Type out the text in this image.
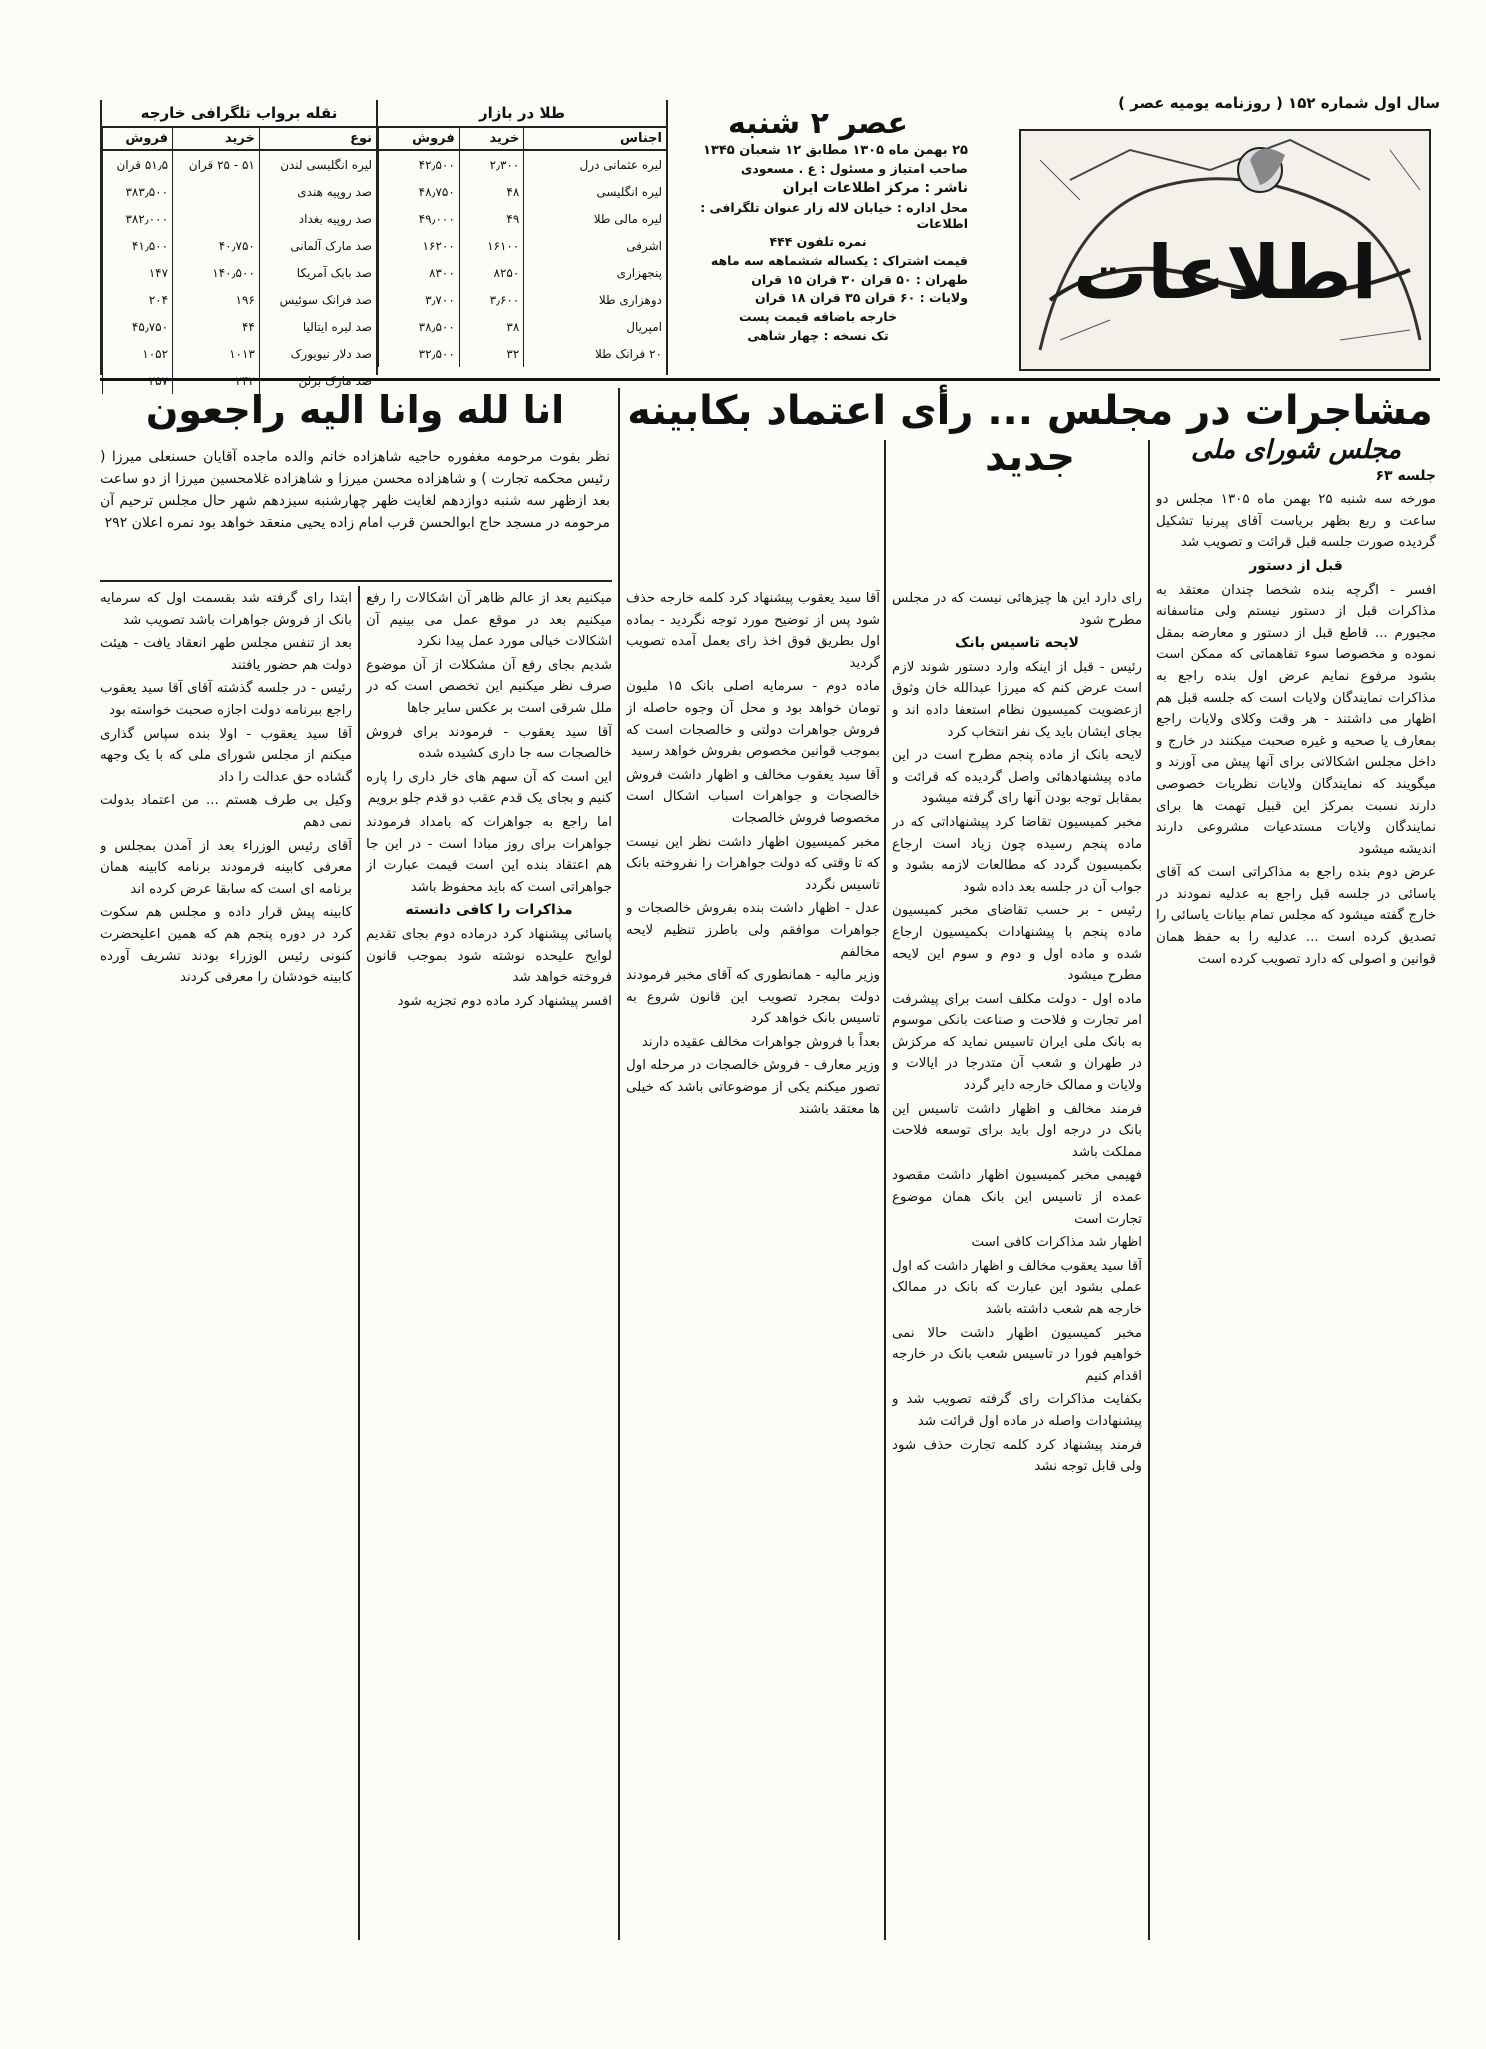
اطلاعات
سال اول شماره ۱۵۲ ( روزنامه یومیه عصر )
عصر ۲ شنبه
۲۵ بهمن ماه ۱۳۰۵ مطابق ۱۲ شعبان ۱۳۴۵
صاحب امتیاز و مسئول : ع . مسعودی
ناشر : مرکز اطلاعات ایران
محل اداره : خیابان لاله زار عنوان تلگرافی : اطلاعات
نمره تلفون ۴۴۴
قیمت اشتراک : یکساله ششماهه سه ماهه
طهران : ۵۰ قران ۳۰ قران ۱۵ قران
ولایات : ۶۰ قران ۳۵ قران ۱۸ قران
خارجه باضافه قیمت پست
تک نسخه : چهار شاهی
طلا در بازار
اجناس	خرید	فروش
لیره عثمانی درل	۲٫۳۰۰	۴۲٫۵۰۰
لیره انگلیسی	۴۸	۴۸٫۷۵۰
لیره مالی طلا	۴۹	۴۹٫۰۰۰
اشرفی	۱۶۱۰۰	۱۶۲۰۰
پنجهزاری	۸۲۵۰	۸۳۰۰
دوهزاری طلا	۳٫۶۰۰	۳٫۷۰۰
امپریال	۳۸	۳۸٫۵۰۰
۲۰ فرانک طلا	۳۲	۳۲٫۵۰۰
نقله برواب تلگرافی خارجه
نوع	خرید	فروش
لیره انگلیسی لندن	۵۱ - ۲۵ قران	۵۱٫۵ قران
صد روپیه هندی		۳۸۳٫۵۰۰
صد روپیه بغداد		۳۸۲٫۰۰۰
صد مارک آلمانی	۴۰٫۷۵۰	۴۱٫۵۰۰
صد بابک آمریکا	۱۴۰٫۵۰۰	۱۴۷
صد فرانک سوئیس	۱۹۶	۲۰۴
صد لیره ایتالیا	۴۴	۴۵٫۷۵۰
صد دلار نیویورک	۱۰۱۳	۱۰۵۲
صد مارک برلن	۲۴۲	۲۵۷
مشاجرات در مجلس ... رأی اعتماد بکابینه جدید
انا لله وانا الیه راجعون
نظر بفوت مرحومه مغفوره حاجیه شاهزاده خانم والده ماجده آقایان حسنعلی میرزا ( رئیس محکمه تجارت ) و شاهزاده محسن میرزا و شاهزاده غلامحسین میرزا از دو ساعت بعد ازظهر سه شنبه دوازدهم لغایت ظهر چهارشنبه سیزدهم شهر حال مجلس ترحیم آن مرحومه در مسجد حاج ابوالحسن قرب امام زاده یحیی منعقد خواهد بود نمره اعلان ۲۹۲
مجلس شورای ملی
جلسه ۶۳

مورخه سه شنبه ۲۵ بهمن ماه ۱۳۰۵ مجلس دو ساعت و ربع بظهر بریاست آقای پیرنیا تشکیل گردیده صورت جلسه قبل قرائت و تصویب شد

قبل از دستور

افسر - اگرچه بنده شخصا چندان معتقد به مذاکرات قبل از دستور نیستم ولی متاسفانه مجبورم ... قاطع قبل از دستور و معارضه بمقل نموده و مخصوصا سوء تفاهماتی که ممکن است بشود مرفوع نمایم عرض اول بنده راجع به مذاکرات نمایندگان ولایات است که جلسه قبل هم اظهار می داشتند - هر وقت وکلای ولایات راجع بمعارف یا صحیه و غیره صحبت میکنند در خارج و داخل مجلس اشکالاتی برای آنها پیش می آورند و میگویند که نمایندگان ولایات نظریات خصوصی دارند نسبت بمرکز این قبیل تهمت ها برای نمایندگان ولایات مستدعیات مشروعی دارند اندیشه میشود

عرض دوم بنده راجع به مذاکراتی است که آقای یاسائی در جلسه قبل راجع به عدلیه نمودند در خارج گفته میشود که مجلس تمام بیانات یاسائی را تصدیق کرده است ... عدلیه را به حفظ همان قوانین و اصولی که دارد تصویب کرده است

رای دارد این ها چیزهائی نیست که در مجلس مطرح شود

لایحه تاسیس بانک

رئیس - قبل از اینکه وارد دستور شوند لازم است عرض کنم که میرزا عبدالله خان وثوق ازعضویت کمیسیون نظام استعفا داده اند و بجای ایشان باید یک نفر انتخاب کرد

لایحه بانک از ماده پنجم مطرح است در این ماده پیشنهادهائی واصل گردیده که قرائت و بمقابل توجه بودن آنها رای گرفته میشود

مخبر کمیسیون تقاضا کرد پیشنهاداتی که در ماده پنجم رسیده چون زیاد است ارجاع بکمیسیون گردد که مطالعات لازمه بشود و جواب آن در جلسه بعد داده شود

رئیس - بر حسب تقاضای مخبر کمیسیون ماده پنجم با پیشنهادات بکمیسیون ارجاع شده و ماده اول و دوم و سوم این لایحه مطرح میشود

ماده اول - دولت مکلف است برای پیشرفت امر تجارت و فلاحت و صناعت بانکی موسوم به بانک ملی ایران تاسیس نماید که مرکزش در طهران و شعب آن متدرجا در ایالات و ولایات و ممالک خارجه دایر گردد

فرمند مخالف و اظهار داشت تاسیس این بانک در درجه اول باید برای توسعه فلاحت مملکت باشد

فهیمی مخبر کمیسیون اظهار داشت مقصود عمده از تاسیس این بانک همان موضوع تجارت است

اظهار شد مذاکرات کافی است

آقا سید یعقوب مخالف و اظهار داشت که اول عملی بشود این عبارت که بانک در ممالک خارجه هم شعب داشته باشد

مخبر کمیسیون اظهار داشت حالا نمی خواهیم فورا در تاسیس شعب بانک در خارجه اقدام کنیم

بکفایت مذاکرات رای گرفته تصویب شد و پیشنهادات واصله در ماده اول قرائت شد

فرمند پیشنهاد کرد کلمه تجارت حذف شود ولی قابل توجه نشد

آقا سید یعقوب پیشنهاد کرد کلمه خارجه حذف شود پس از توضیح مورد توجه نگردید - بماده اول بطریق فوق اخذ رای بعمل آمده تصویب گردید

ماده دوم - سرمایه اصلی بانک ۱۵ ملیون تومان خواهد بود و محل آن وجوه حاصله از فروش جواهرات دولتی و خالصجات است که بموجب قوانین مخصوص بفروش خواهد رسید

آقا سید یعقوب مخالف و اظهار داشت فروش خالصجات و جواهرات اسباب اشکال است مخصوصا فروش خالصجات

مخبر کمیسیون اظهار داشت نظر این نیست که تا وقتی که دولت جواهرات را نفروخته بانک تاسیس نگردد

عدل - اظهار داشت بنده بفروش خالصجات و جواهرات موافقم ولی باطرز تنظیم لایحه مخالفم

وزیر مالیه - همانطوری که آقای مخبر فرمودند دولت بمجرد تصویب این قانون شروع به تاسیس بانک خواهد کرد

بعداً با فروش جواهرات مخالف عقیده دارند

وزیر معارف - فروش خالصجات در مرحله اول تصور میکنم یکی از موضوعاتی باشد که خیلی ها معتقد باشند

میکنیم بعد از عالم ظاهر آن اشکالات را رفع میکنیم بعد در موقع عمل می بینیم آن اشکالات خیالی مورد عمل پیدا نکرد

شدیم بجای رفع آن مشکلات از آن موضوع صرف نظر میکنیم این تخصص است که در ملل شرقی است بر عکس سایر جاها

آقا سید یعقوب - فرمودند برای فروش خالصجات سه جا داری کشیده شده

این است که آن سهم های خار داری را پاره کنیم و بجای یک قدم عقب دو قدم جلو برویم

اما راجع به جواهرات که بامداد فرمودند جواهرات برای روز مبادا است - در این جا هم اعتقاد بنده این است قیمت عبارت از جواهراتی است که باید محفوظ باشد

مذاکرات را کافی دانسته

پاسائی پیشنهاد کرد درماده دوم بجای تقدیم لوایح علیحده نوشته شود بموجب قانون فروخته خواهد شد

افسر پیشنهاد کرد ماده دوم تجزیه شود

ابتدا رای گرفته شد بقسمت اول که سرمایه بانک از فروش جواهرات باشد تصویب شد

بعد از تنفس مجلس طهر انعقاد یافت - هیئت دولت هم حضور یافتند

رئیس - در جلسه گذشته آقای آقا سید یعقوب راجع ببرنامه دولت اجازه صحبت خواسته بود

آقا سید یعقوب - اولا بنده سپاس گذاری میکنم از مجلس شورای ملی که با یک وجهه گشاده حق عدالت را داد

وکیل بی طرف هستم ... من اعتماد بدولت نمی دهم

آقای رئیس الوزراء بعد از آمدن بمجلس و معرفی کابینه فرمودند برنامه کابینه همان برنامه ای است که سابقا عرض کرده اند

کابینه پیش قرار داده و مجلس هم سکوت کرد در دوره پنجم هم که همین اعلیحضرت کنونی رئیس الوزراء بودند تشریف آورده کابینه خودشان را معرفی کردند
